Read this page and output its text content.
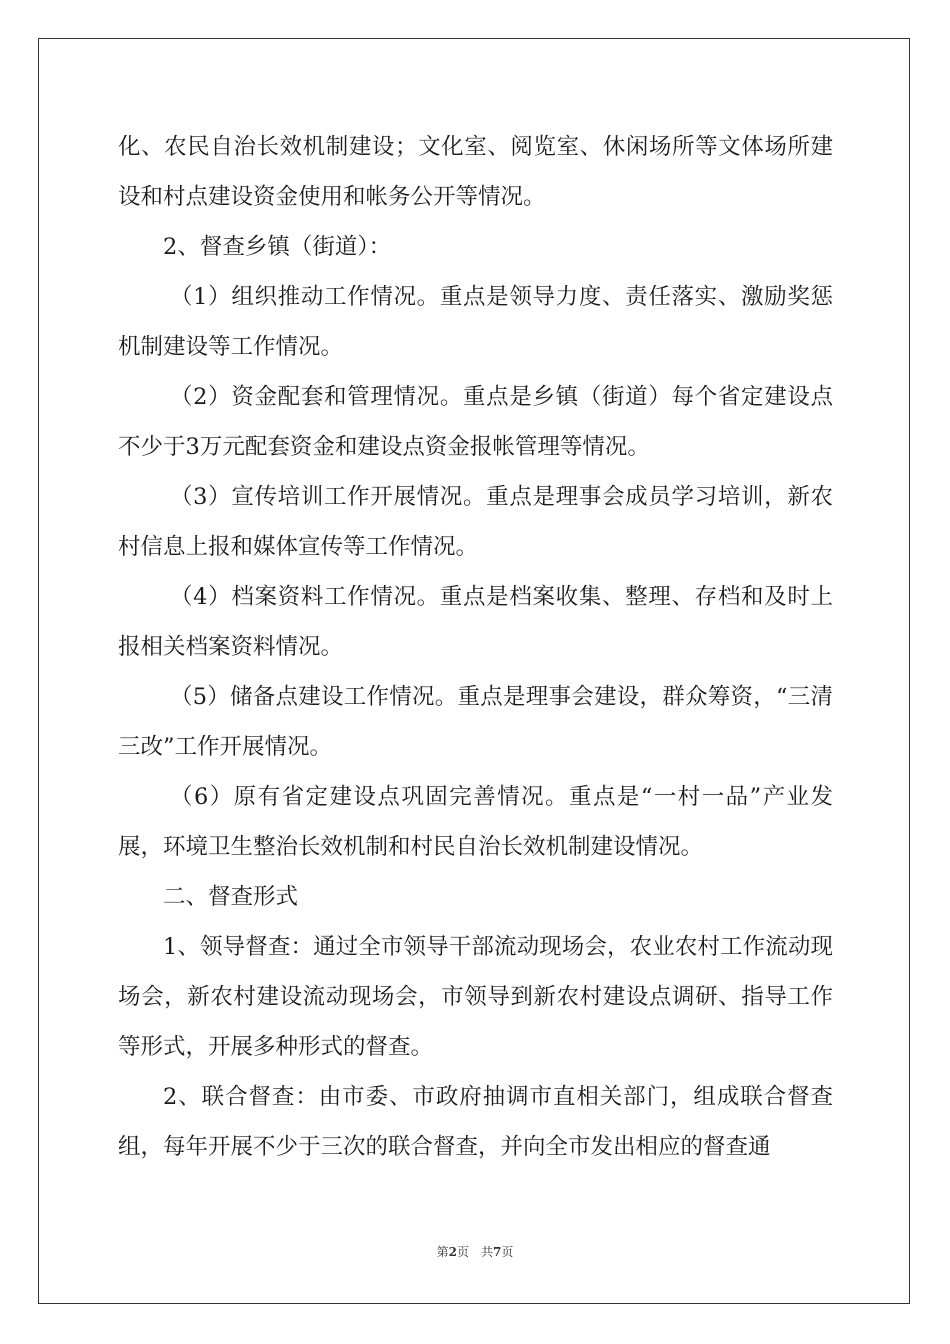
化、农民自治长效机制建设；文化室、阅览室、休闲场所等文体场所建设和村点建设资金使用和帐务公开等情况。

2、督查乡镇（街道）：

（1）组织推动工作情况。重点是领导力度、责任落实、激励奖惩机制建设等工作情况。

（2）资金配套和管理情况。重点是乡镇（街道）每个省定建设点不少于3万元配套资金和建设点资金报帐管理等情况。

（3）宣传培训工作开展情况。重点是理事会成员学习培训，新农村信息上报和媒体宣传等工作情况。

（4）档案资料工作情况。重点是档案收集、整理、存档和及时上报相关档案资料情况。

（5）储备点建设工作情况。重点是理事会建设，群众筹资，“三清三改”工作开展情况。

（6）原有省定建设点巩固完善情况。重点是“一村一品”产业发展，环境卫生整治长效机制和村民自治长效机制建设情况。

二、督查形式

1、领导督查：通过全市领导干部流动现场会，农业农村工作流动现场会，新农村建设流动现场会，市领导到新农村建设点调研、指导工作等形式，开展多种形式的督查。

2、联合督查：由市委、市政府抽调市直相关部门，组成联合督查组，每年开展不少于三次的联合督查，并向全市发出相应的督查通

第2页　共7页
